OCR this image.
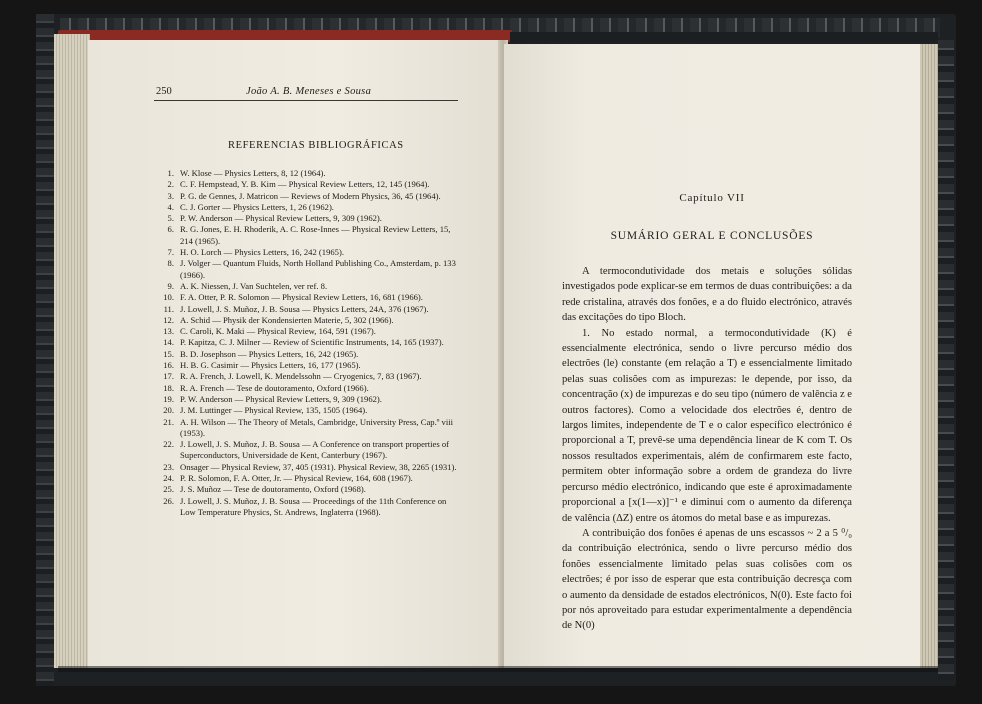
250	João A. B. Meneses e Sousa
REFERENCIAS BIBLIOGRÁFICAS
1. W. Klose — Physics Letters, 8, 12 (1964).
2. C. F. Hempstead, Y. B. Kim — Physical Review Letters, 12, 145 (1964).
3. P. G. de Gennes, J. Matricon — Reviews of Modern Physics, 36, 45 (1964).
4. C. J. Gorter — Physics Letters, 1, 26 (1962).
5. P. W. Anderson — Physical Review Letters, 9, 309 (1962).
6. R. G. Jones, E. H. Rhoderik, A. C. Rose-Innes — Physical Review Letters, 15, 214 (1965).
7. H. O. Lorch — Physics Letters, 16, 242 (1965).
8. J. Volger — Quantum Fluids, North Holland Publishing Co., Amsterdam, p. 133 (1966).
9. A. K. Niessen, J. Van Suchtelen, ver ref. 8.
10. F. A. Otter, P. R. Solomon — Physical Review Letters, 16, 681 (1966).
11. J. Lowell, J. S. Muñoz, J. B. Sousa — Physics Letters, 24A, 376 (1967).
12. A. Schid — Physik der Kondensierten Materie, 5, 302 (1966).
13. C. Caroli, K. Maki — Physical Review, 164, 591 (1967).
14. P. Kapitza, C. J. Milner — Review of Scientific Instruments, 14, 165 (1937).
15. B. D. Josephson — Physics Letters, 16, 242 (1965).
16. H. B. G. Casimir — Physics Letters, 16, 177 (1965).
17. R. A. French, J. Lowell, K. Mendelssohn — Cryogenics, 7, 83 (1967).
18. R. A. French — Tese de doutoramento, Oxford (1966).
19. P. W. Anderson — Physical Review Letters, 9, 309 (1962).
20. J. M. Luttinger — Physical Review, 135, 1505 (1964).
21. A. H. Wilson — The Theory of Metals, Cambridge, University Press, Cap.º viii (1953).
22. J. Lowell, J. S. Muñoz, J. B. Sousa — A Conference on transport properties of Superconductors, Universidade de Kent, Canterbury (1967).
23. Onsager — Physical Review, 37, 405 (1931). Physical Review, 38, 2265 (1931).
24. P. R. Solomon, F. A. Otter, Jr. — Physical Review, 164, 608 (1967).
25. J. S. Muñoz — Tese de doutoramento, Oxford (1968).
26. J. Lowell, J. S. Muñoz, J. B. Sousa — Proceedings of the 11th Conference on Low Temperature Physics, St. Andrews, Inglaterra (1968).
Capítulo VII
SUMÁRIO GERAL E CONCLUSÕES

A termocondutividade dos metais e soluções sólidas investigados pode explicar-se em termos de duas contribuições: a da rede cristalina, através dos fonões, e a do fluido electrónico, através das excitações do tipo Bloch.

1. No estado normal, a termocondutividade (K) é essencialmente electrónica, sendo o livre percurso médio dos electrões (le) constante (em relação a T) e essencialmente limitado pelas suas colisões com as impurezas: le depende, por isso, da concentração (x) de impurezas e do seu tipo (número de valência z e outros factores). Como a velocidade dos electrões é, dentro de largos limites, independente de T e o calor específico electrónico é proporcional a T, prevê-se uma dependência linear de K com T. Os nossos resultados experimentais, além de confirmarem este facto, permitem obter informação sobre a ordem de grandeza do livre percurso médio electrónico, indicando que este é aproximadamente proporcional a [x(1—x)]⁻¹ e diminui com o aumento da diferença de valência (ΔZ) entre os átomos do metal base e as impurezas.

A contribuição dos fonões é apenas de uns escassos ~ 2 a 5 ⁰/₀ da contribuição electrónica, sendo o livre percurso médio dos fonões essencialmente limitado pelas suas colisões com os electrões; é por isso de esperar que esta contribuição decresça com o aumento da densidade de estados electrónicos, N(0). Este facto foi por nós aproveitado para estudar experimentalmente a dependência de N(0)
